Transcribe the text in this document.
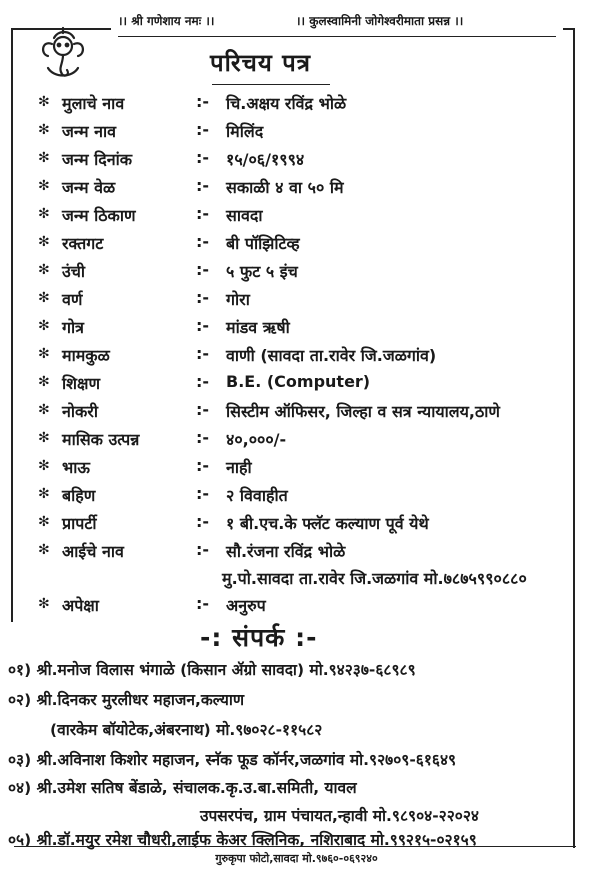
।। श्री गणेशाय नमः ।।	।। कुलस्वामिनी जोगेश्वरीमाता प्रसन्न ।।
परिचय पत्र
✻ मुलाचे नाव	:- चि.अक्षय रविंद्र भोळे
✻ जन्म नाव	:- मिलिंद
✻ जन्म दिनांक	:- १५/०६/१९९४
✻ जन्म वेळ	:- सकाळी ४ वा ५० मि
✻ जन्म ठिकाण	:- सावदा
✻ रक्तगट	:- बी पॉझिटिव्ह
✻ उंची	:- ५ फुट ५ इंच
✻ वर्ण	:- गोरा
✻ गोत्र	:- मांडव ऋषी
✻ मामकुळ	:- वाणी (सावदा ता.रावेर जि.जळगांव)
✻ शिक्षण	:- B.E. (Computer)
✻ नोकरी	:- सिस्टीम ऑफिसर, जिल्हा व सत्र न्यायालय,ठाणे
✻ मासिक उत्पन्न	:- ४०,०००/-
✻ भाऊ	:- नाही
✻ बहिण	:- २ विवाहीत
✻ प्रापर्टी	:- १ बी.एच.के फ्लॅट कल्याण पूर्व येथे
✻ आईचे नाव	:- सौ.रंजना रविंद्र भोळे
मु.पो.सावदा ता.रावेर जि.जळगांव मो.७८७५९९०८८०
✻ अपेक्षा	:- अनुरुप
-: संपर्क :-
०१) श्री.मनोज विलास भंगाळे (किसान ॲग्रो सावदा) मो.९४२३७-६८९८९
०२) श्री.दिनकर मुरलीधर महाजन,कल्याण
(वारकेम बॉयोटेक,अंबरनाथ) मो.९७०२८-११५८२
०३) श्री.अविनाश किशोर महाजन, स्नॅक फूड कॉर्नर,जळगांव मो.९२७०९-६१६४९
०४) श्री.उमेश सतिष बेंडाळे, संचालक.कृ.उ.बा.समिती, यावल
उपसरपंच, ग्राम पंचायत,न्हावी मो.९८९०४-२२०२४
०५) श्री.डॉ.मयुर रमेश चौधरी,लाईफ केअर क्लिनिक, नशिराबाद मो.९९२१५-०२१५९
गुरुकृपा फोटो,सावदा मो.९७६०-०६९२४०
